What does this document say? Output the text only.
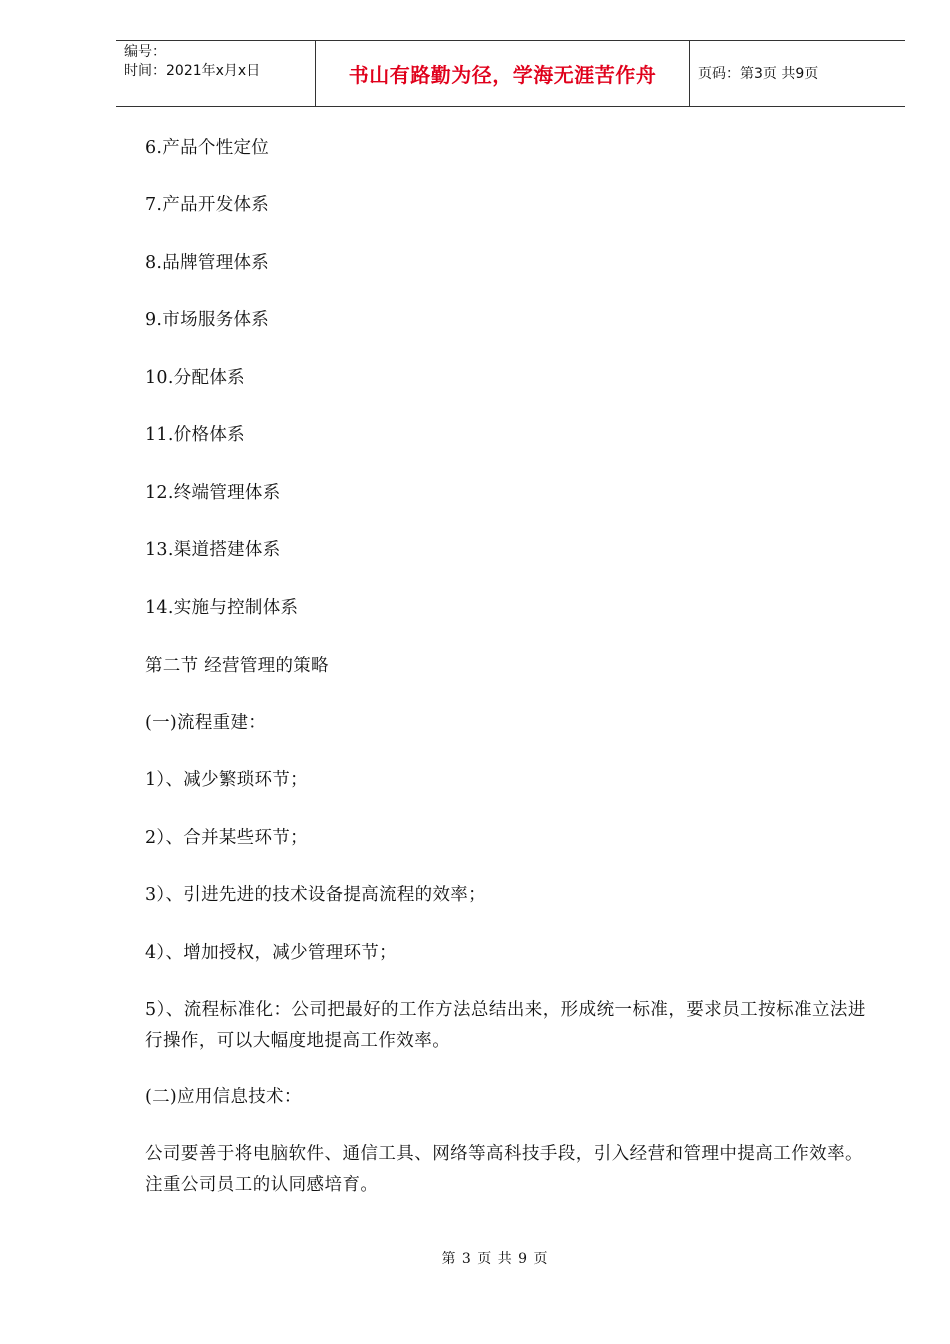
编号：
时间：2021年x月x日	书山有路勤为径，学海无涯苦作舟	页码：第3页 共9页
6.产品个性定位
7.产品开发体系
8.品牌管理体系
9.市场服务体系
10.分配体系
11.价格体系
12.终端管理体系
13.渠道搭建体系
14.实施与控制体系
第二节 经营管理的策略
(一)流程重建：
1）、减少繁琐环节；
2）、合并某些环节；
3）、引进先进的技术设备提高流程的效率；
4）、增加授权，减少管理环节；
5）、流程标准化：公司把最好的工作方法总结出来，形成统一标准，要求员工按标准立法进行操作，可以大幅度地提高工作效率。
(二)应用信息技术：
公司要善于将电脑软件、通信工具、网络等高科技手段，引入经营和管理中提高工作效率。注重公司员工的认同感培育。
第 3 页 共 9 页
